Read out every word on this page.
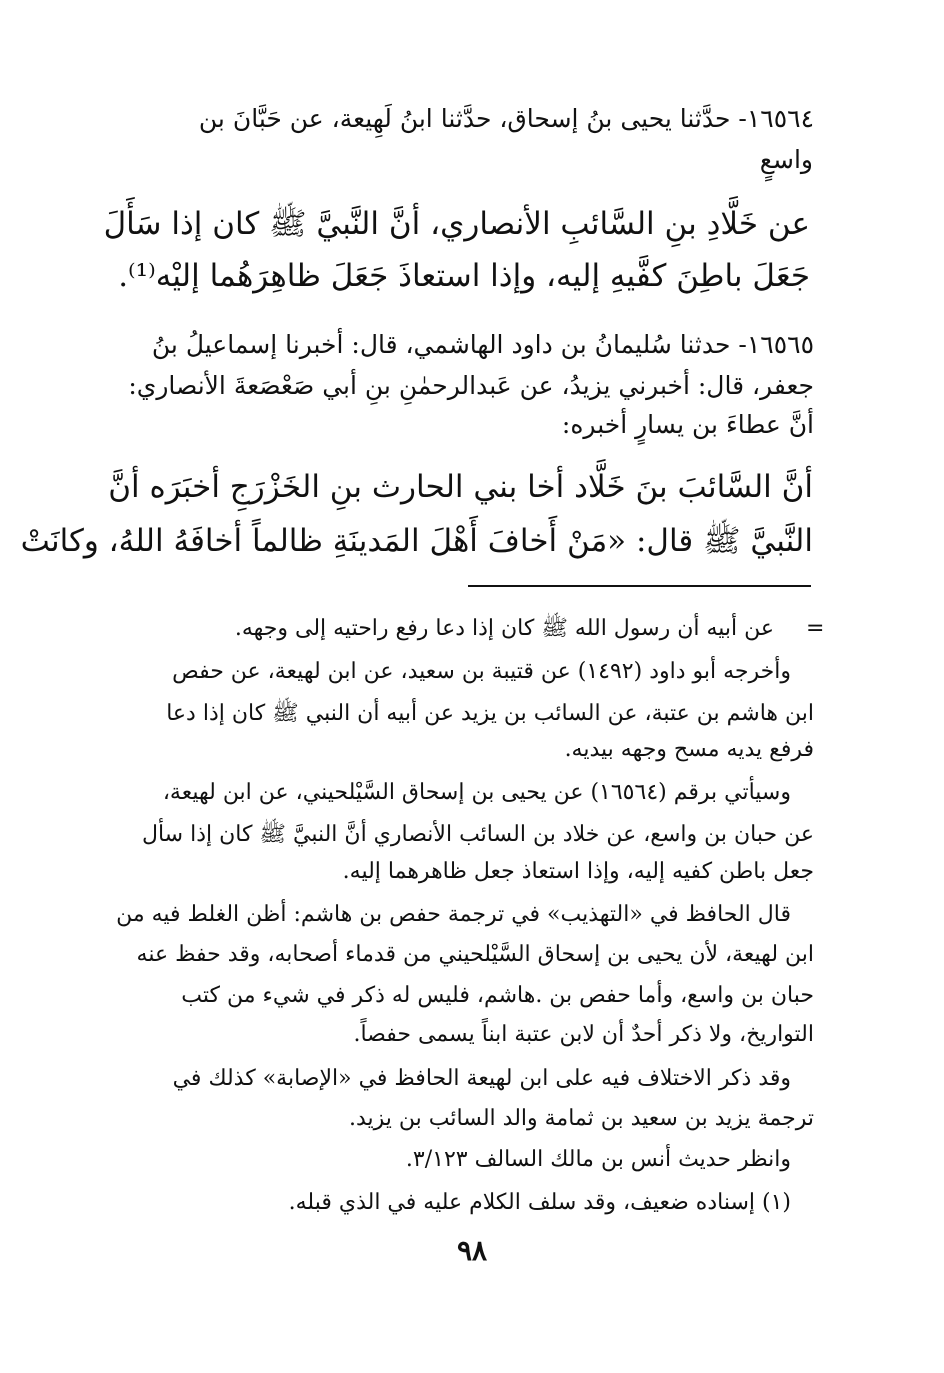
١٦٥٦٤- حدَّثنا يحيى بنُ إسحاق، حدَّثنا ابنُ لَهِيعة، عن حَبَّانَ بن
واسعٍ
عن خَلَّادِ بنِ السَّائبِ الأنصاري، أنَّ النَّبيَّ ﷺ كان إذا سَأَلَ
جَعَلَ باطِنَ كفَّيهِ إليه، وإذا استعاذَ جَعَلَ ظاهِرَهُما إليْه⁽¹⁾.
١٦٥٦٥- حدثنا سُليمانُ بن داود الهاشمي، قال: أخبرنا إسماعيلُ بنُ
جعفر، قال: أخبرني يزيدُ، عن عَبدالرحمٰنِ بنِ أبي صَعْصَعةَ الأنصاري:
أنَّ عطاءَ بن يسارٍ أخبره:
أنَّ السَّائبَ بنَ خَلَّاد أخا بني الحارث بنِ الخَزْرَجِ أخبَرَه أنَّ
النَّبيَّ ﷺ قال: «مَنْ أَخافَ أَهْلَ المَدينَةِ ظالماً أخافَهُ اللهُ، وكانَتْ
=
عن أبيه أن رسول الله ﷺ كان إذا دعا رفع راحتيه إلى وجهه.
وأخرجه أبو داود (١٤٩٢) عن قتيبة بن سعيد، عن ابن لهيعة، عن حفص
ابن هاشم بن عتبة، عن السائب بن يزيد عن أبيه أن النبي ﷺ كان إذا دعا
فرفع يديه مسح وجهه بيديه.
وسيأتي برقم (١٦٥٦٤) عن يحيى بن إسحاق السَّيْلحيني، عن ابن لهيعة،
عن حبان بن واسع، عن خلاد بن السائب الأنصاري أنَّ النبيَّ ﷺ كان إذا سأل
جعل باطن كفيه إليه، وإذا استعاذ جعل ظاهرهما إليه.
قال الحافظ في «التهذيب» في ترجمة حفص بن هاشم: أظن الغلط فيه من
ابن لهيعة، لأن يحيى بن إسحاق السَّيْلحيني من قدماء أصحابه، وقد حفظ عنه
حبان بن واسع، وأما حفص بن .هاشم، فليس له ذكر في شيء من كتب
التواريخ، ولا ذكر أحدٌ أن لابن عتبة ابناً يسمى حفصاً.
وقد ذكر الاختلاف فيه على ابن لهيعة الحافظ في «الإصابة» كذلك في
ترجمة يزيد بن سعيد بن ثمامة والد السائب بن يزيد.
وانظر حديث أنس بن مالك السالف ٣/١٢٣.
(١) إسناده ضعيف، وقد سلف الكلام عليه في الذي قبله.
٩٨
